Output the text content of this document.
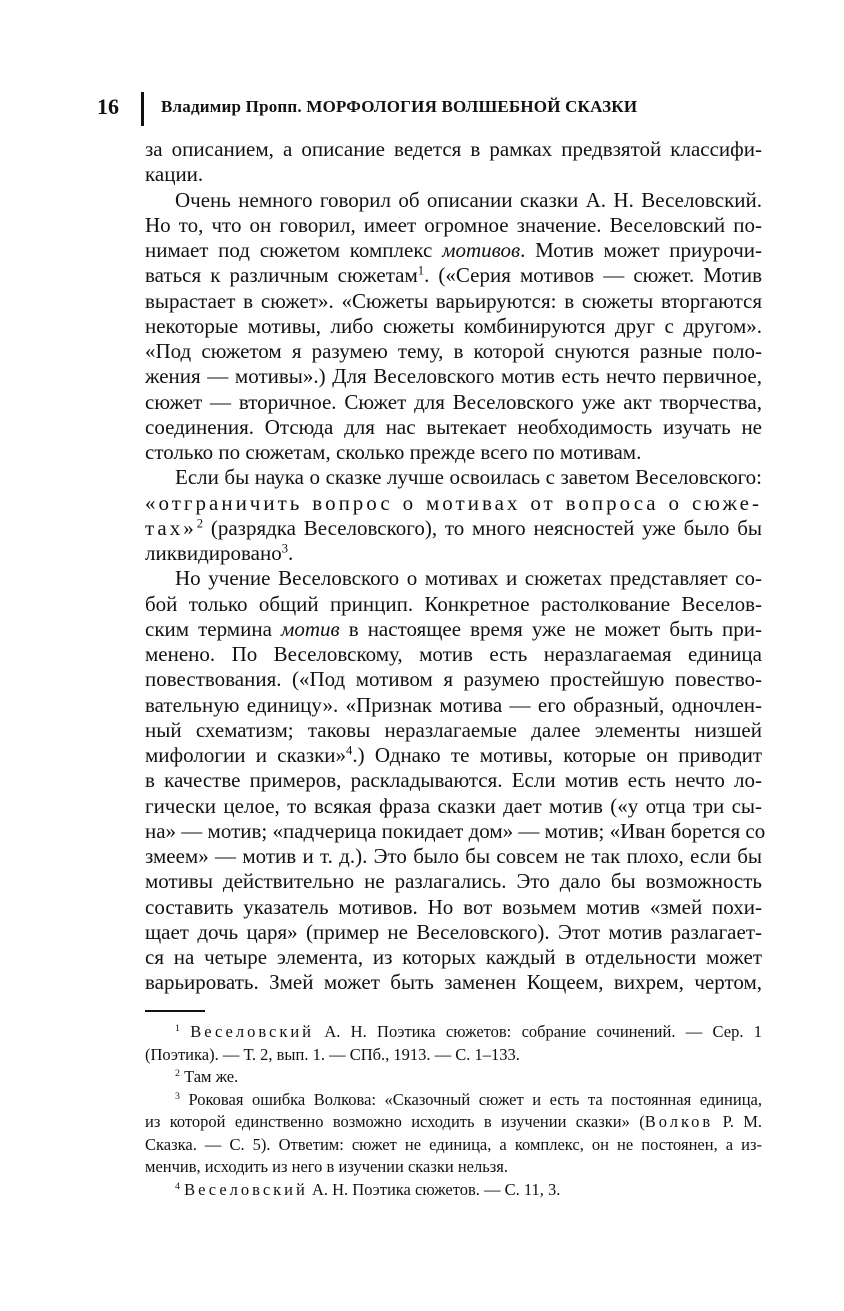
16 Владимир Пропп. МОРФОЛОГИЯ ВОЛШЕБНОЙ СКАЗКИ
за описанием, а описание ведется в рамках предвзятой классифи-
кации.
Очень немного говорил об описании сказки А. Н. Веселовский.
Но то, что он говорил, имеет огромное значение. Веселовский по-
нимает под сюжетом комплекс мотивов. Мотив может приурочи-
ваться к различным сюжетам$^1$. («Серия мотивов — сюжет. Мотив
вырастает в сюжет». «Сюжеты варьируются: в сюжеты вторгаются
некоторые мотивы, либо сюжеты комбинируются друг с другом».
«Под сюжетом я разумею тему, в которой снуются разные поло-
жения — мотивы».) Для Веселовского мотив есть нечто первичное,
сюжет — вторичное. Сюжет для Веселовского уже акт творчества,
соединения. Отсюда для нас вытекает необходимость изучать не
столько по сюжетам, сколько прежде всего по мотивам.
Если бы наука о сказке лучше освоилась с заветом Веселовского:
«отграничить вопрос о мотивах от вопроса о сюже-
тах»$^2$ (разрядка Веселовского), то много неясностей уже было бы
ликвидировано$^3$.
Но учение Веселовского о мотивах и сюжетах представляет со-
бой только общий принцип. Конкретное растолкование Веселов-
ским термина мотив в настоящее время уже не может быть при-
менено. По Веселовскому, мотив есть неразлагаемая единица
повествования. («Под мотивом я разумею простейшую повество-
вательную единицу». «Признак мотива — его образный, одночлен-
ный схематизм; таковы неразлагаемые далее элементы низшей
мифологии и сказки»$^4$.) Однако те мотивы, которые он приводит
в качестве примеров, раскладываются. Если мотив есть нечто ло-
гически целое, то всякая фраза сказки дает мотив («у отца три сы-
на» — мотив; «падчерица покидает дом» — мотив; «Иван борется со
змеем» — мотив и т. д.). Это было бы совсем не так плохо, если бы
мотивы действительно не разлагались. Это дало бы возможность
составить указатель мотивов. Но вот возьмем мотив «змей похи-
щает дочь царя» (пример не Веселовского). Этот мотив разлагает-
ся на четыре элемента, из которых каждый в отдельности может
варьировать. Змей может быть заменен Кощеем, вихрем, чертом,
$^1$ Веселовский А. Н. Поэтика сюжетов: собрание сочинений. — Сер. 1
(Поэтика). — Т. 2, вып. 1. — СПб., 1913. — С. 1–133.
$^2$ Там же.
$^3$ Роковая ошибка Волкова: «Сказочный сюжет и есть та постоянная единица,
из которой единственно возможно исходить в изучении сказки» (Волков Р. М.
Сказка. — С. 5). Ответим: сюжет не единица, а комплекс, он не постоянен, а из-
менчив, исходить из него в изучении сказки нельзя.
$^4$ Веселовский А. Н. Поэтика сюжетов. — С. 11, 3.
